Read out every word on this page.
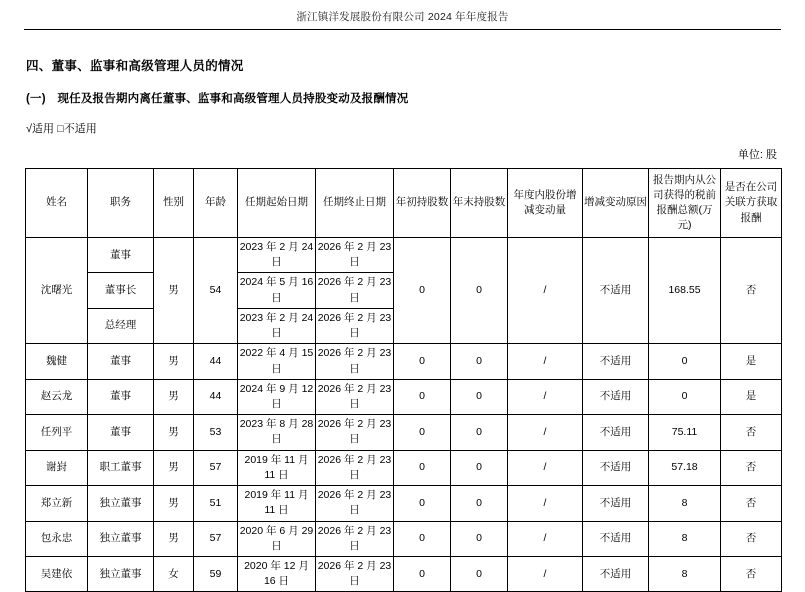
浙江镇洋发展股份有限公司 2024 年年度报告
四、董事、监事和高级管理人员的情况
(一)　现任及报告期内离任董事、监事和高级管理人员持股变动及报酬情况
√适用 □不适用
单位: 股
姓名	职务	性别	年龄	任期起始日期	任期终止日期	年初持股数	年末持股数	年度内股份增减变动量	增减变动原因	报告期内从公司获得的税前报酬总额(万元)	是否在公司关联方获取报酬
沈曙光	董事	男	54	2023 年 2 月 24 日	2026 年 2 月 23 日	0	0	/	不适用	168.55	否
	董事长			2024 年 5 月 16 日	2026 年 2 月 23 日						
	总经理			2023 年 2 月 24 日	2026 年 2 月 23 日						
魏健	董事	男	44	2022 年 4 月 15 日	2026 年 2 月 23 日	0	0	/	不适用	0	是
赵云龙	董事	男	44	2024 年 9 月 12 日	2026 年 2 月 23 日	0	0	/	不适用	0	是
任列平	董事	男	53	2023 年 8 月 28 日	2026 年 2 月 23 日	0	0	/	不适用	75.11	否
谢崶	职工董事	男	57	2019 年 11 月 11 日	2026 年 2 月 23 日	0	0	/	不适用	57.18	否
郑立新	独立董事	男	51	2019 年 11 月 11 日	2026 年 2 月 23 日	0	0	/	不适用	8	否
包永忠	独立董事	男	57	2020 年 6 月 29 日	2026 年 2 月 23 日	0	0	/	不适用	8	否
吴建依	独立董事	女	59	2020 年 12 月 16 日	2026 年 2 月 23 日	0	0	/	不适用	8	否
